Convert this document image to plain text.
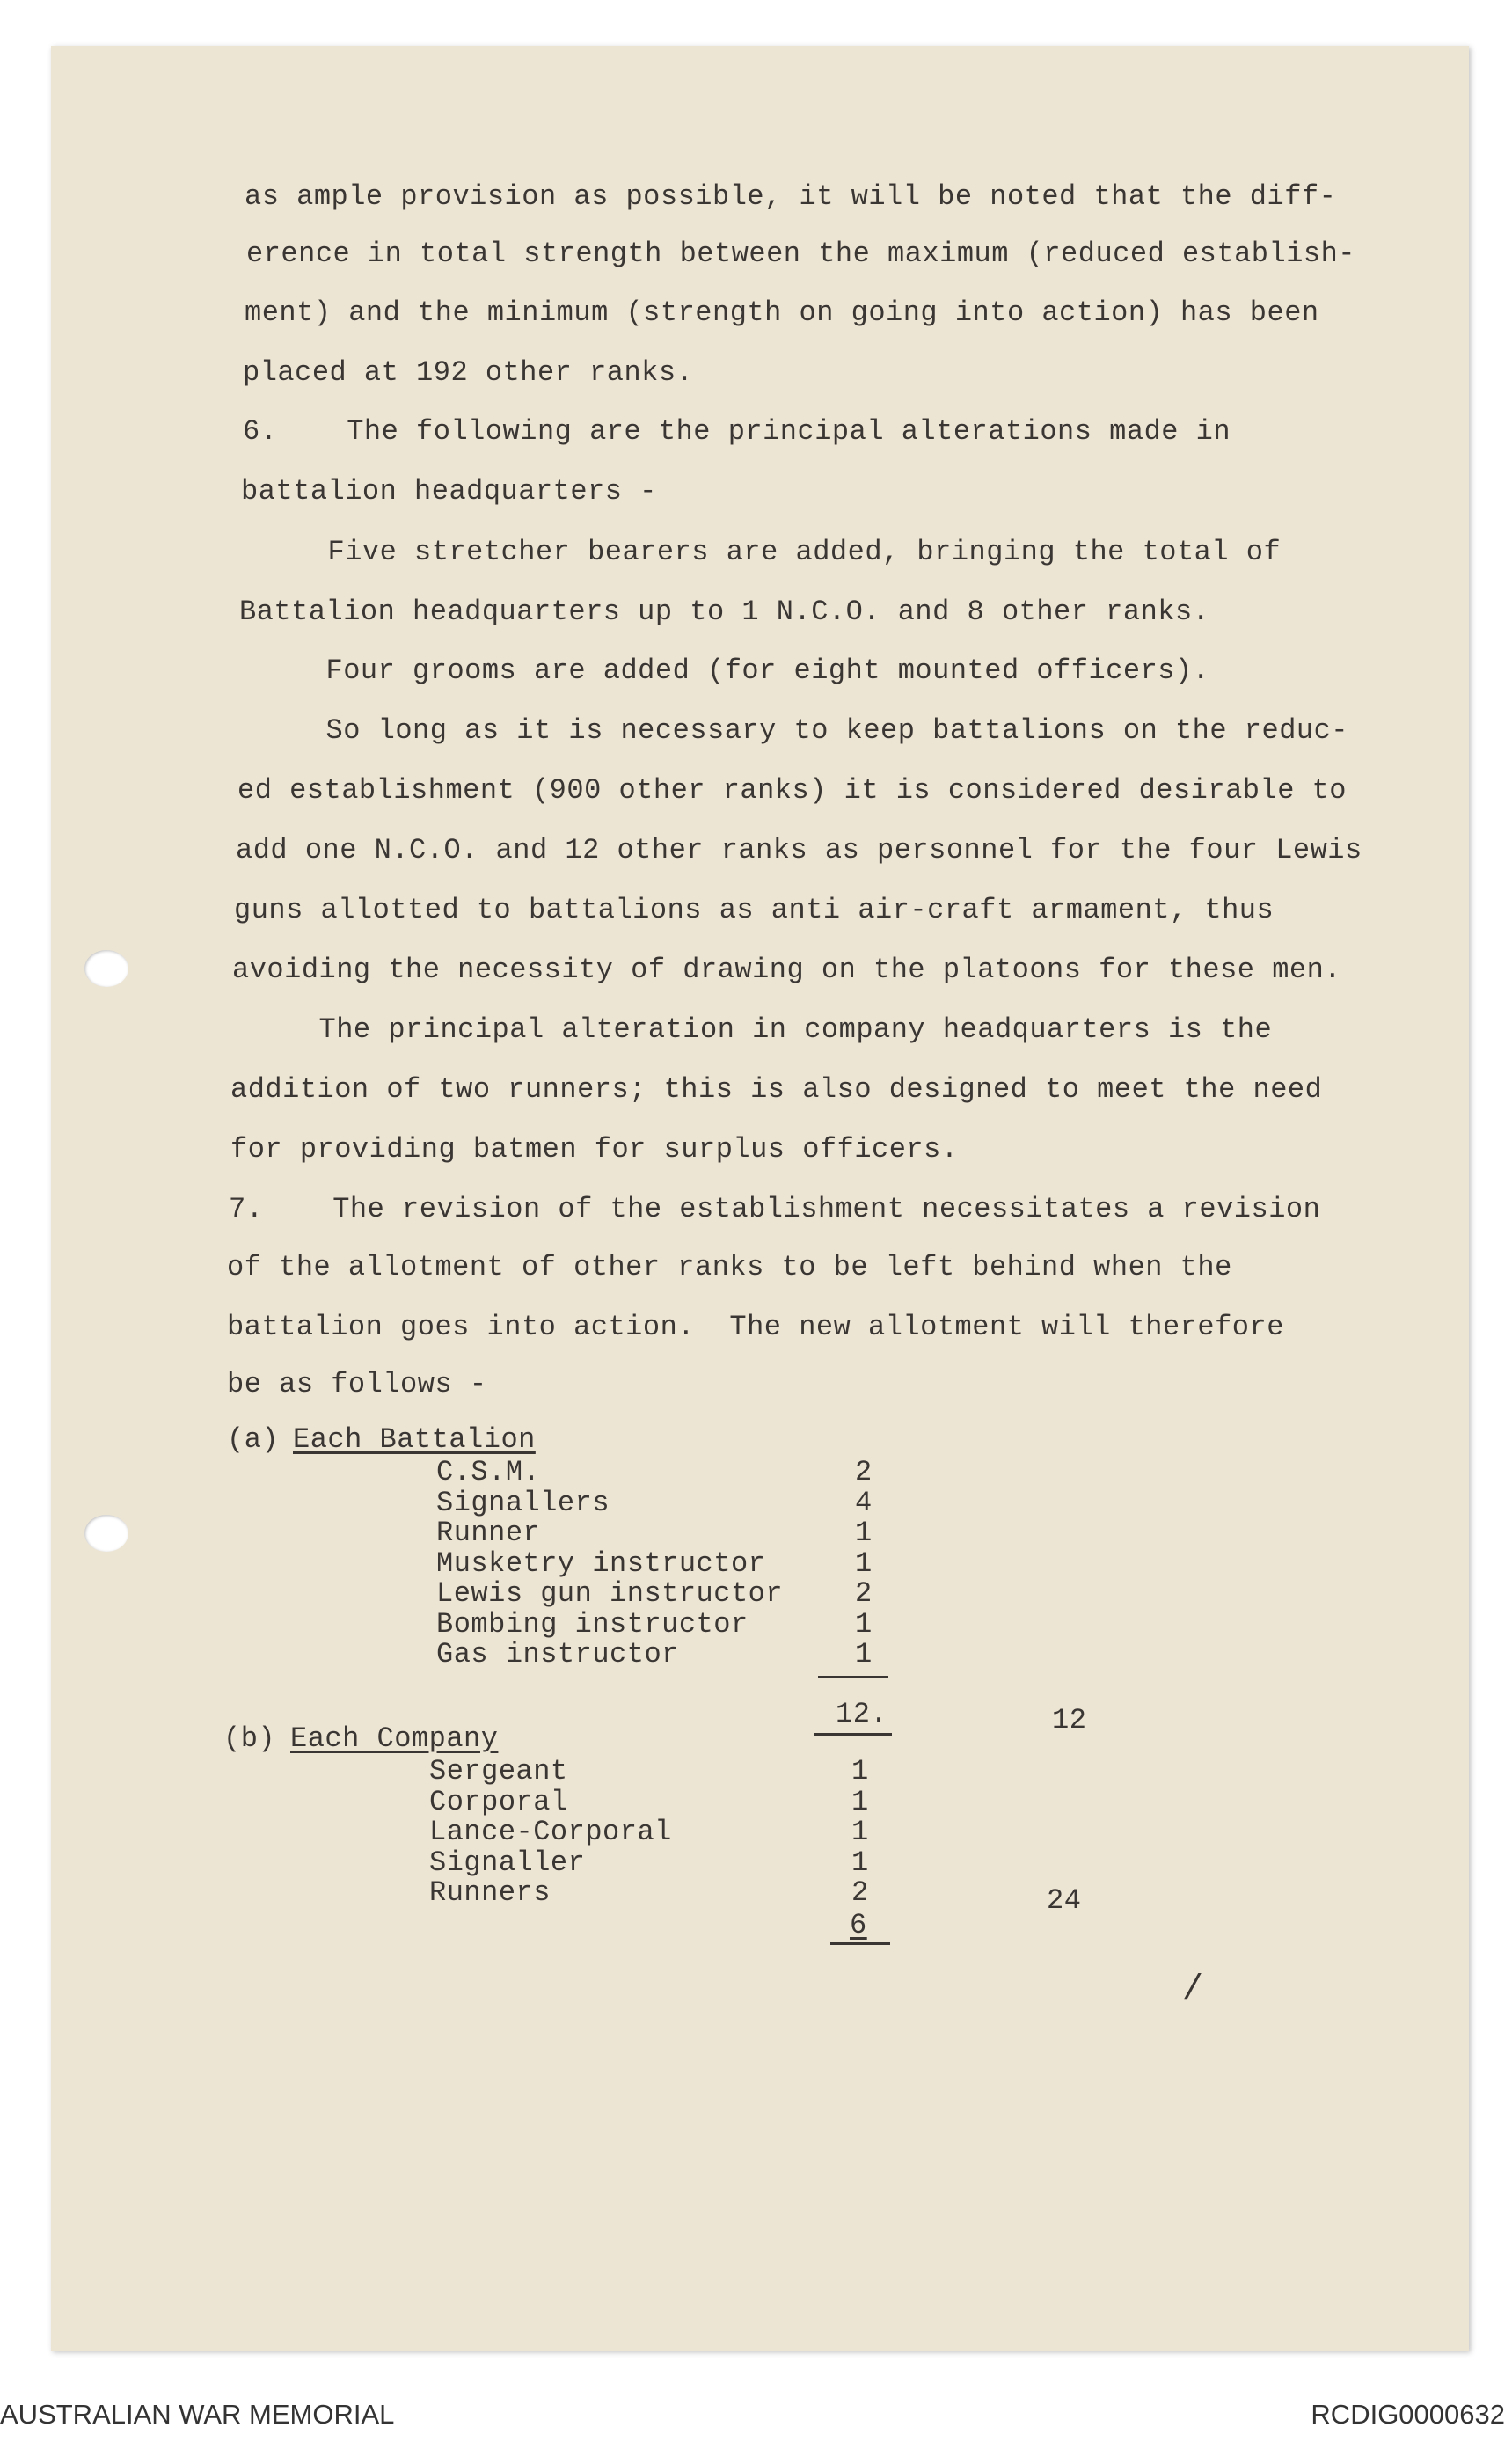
as ample provision as possible, it will be noted that the diff-
erence in total strength between the maximum (reduced establish-
ment) and the minimum (strength on going into action) has been
placed at 192 other ranks.
6.    The following are the principal alterations made in
battalion headquarters -
Five stretcher bearers are added, bringing the total of
Battalion headquarters up to 1 N.C.O. and 8 other ranks.
Four grooms are added (for eight mounted officers).
So long as it is necessary to keep battalions on the reduc-
ed establishment (900 other ranks) it is considered desirable to
add one N.C.O. and 12 other ranks as personnel for the four Lewis
guns allotted to battalions as anti air-craft armament, thus
avoiding the necessity of drawing on the platoons for these men.
The principal alteration in company headquarters is the
addition of two runners; this is also designed to meet the need
for providing batmen for surplus officers.
7.    The revision of the establishment necessitates a revision
of the allotment of other ranks to be left behind when the
battalion goes into action.  The new allotment will therefore
be as follows -
(a) Each Battalion
C.S.M.	2
Signallers	4
Runner	1
Musketry instructor	1
Lewis gun instructor	2
Bombing instructor	1
Gas instructor	1
12.	12
(b) Each Company
Sergeant	1
Corporal	1
Lance-Corporal	1
Signaller	1
Runners	2
6
24
/
AUSTRALIAN WAR MEMORIAL	RCDIG0000632
